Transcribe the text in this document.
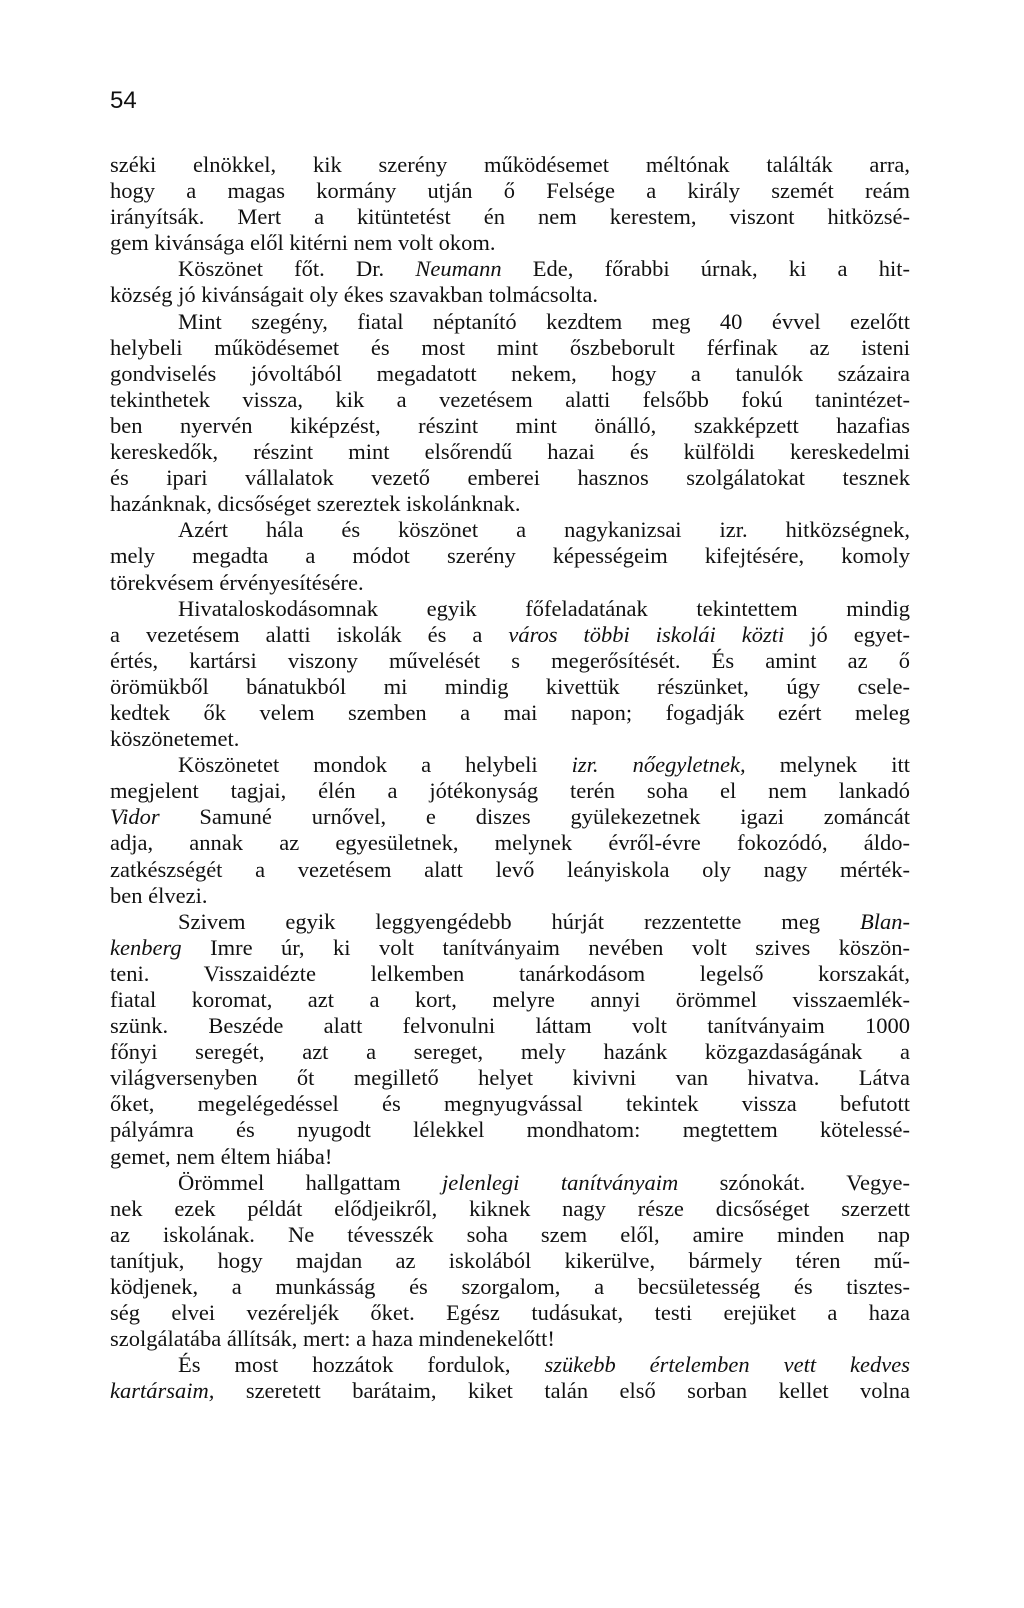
54
széki elnökkel, kik szerény működésemet méltónak találták arra,
hogy a magas kormány utján ő Felsége a király szemét reám
irányítsák. Mert a kitüntetést én nem kerestem, viszont hitközsé-
gem kivánsága elől kitérni nem volt okom.
Köszönet főt. Dr. Neumann Ede, főrabbi úrnak, ki a hit-
község jó kivánságait oly ékes szavakban tolmácsolta.
Mint szegény, fiatal néptanító kezdtem meg 40 évvel ezelőtt
helybeli működésemet és most mint őszbeborult férfinak az isteni
gondviselés jóvoltából megadatott nekem, hogy a tanulók százaira
tekinthetek vissza, kik a vezetésem alatti felsőbb fokú tanintézet-
ben nyervén kiképzést, részint mint önálló, szakképzett hazafias
kereskedők, részint mint elsőrendű hazai és külföldi kereskedelmi
és ipari vállalatok vezető emberei hasznos szolgálatokat tesznek
hazánknak, dicsőséget szereztek iskolánknak.
Azért hála és köszönet a nagykanizsai izr. hitközségnek,
mely megadta a módot szerény képességeim kifejtésére, komoly
törekvésem érvényesítésére.
Hivataloskodásomnak egyik főfeladatának tekintettem mindig
a vezetésem alatti iskolák és a város többi iskolái közti jó egyet-
értés, kartársi viszony művelését s megerősítését. És amint az ő
örömükből bánatukból mi mindig kivettük részünket, úgy csele-
kedtek ők velem szemben a mai napon; fogadják ezért meleg
köszönetemet.
Köszönetet mondok a helybeli izr. nőegyletnek, melynek itt
megjelent tagjai, élén a jótékonyság terén soha el nem lankadó
Vidor Samuné urnővel, e diszes gyülekezetnek igazi zománcát
adja, annak az egyesületnek, melynek évről-évre fokozódó, áldo-
zatkészségét a vezetésem alatt levő leányiskola oly nagy mérték-
ben élvezi.
Szivem egyik leggyengédebb húrját rezzentette meg Blan-
kenberg Imre úr, ki volt tanítványaim nevében volt szives köszön-
teni. Visszaidézte lelkemben tanárkodásom legelső korszakát,
fiatal koromat, azt a kort, melyre annyi örömmel visszaemlék-
szünk. Beszéde alatt felvonulni láttam volt tanítványaim 1000
főnyi seregét, azt a sereget, mely hazánk közgazdaságának a
világversenyben őt megillető helyet kivivni van hivatva. Látva
őket, megelégedéssel és megnyugvással tekintek vissza befutott
pályámra és nyugodt lélekkel mondhatom: megtettem kötelessé-
gemet, nem éltem hiába!
Örömmel hallgattam jelenlegi tanítványaim szónokát. Vegye-
nek ezek példát elődjeikről, kiknek nagy része dicsőséget szerzett
az iskolának. Ne tévesszék soha szem elől, amire minden nap
tanítjuk, hogy majdan az iskolából kikerülve, bármely téren mű-
ködjenek, a munkásság és szorgalom, a becsületesség és tisztes-
ség elvei vezéreljék őket. Egész tudásukat, testi erejüket a haza
szolgálatába állítsák, mert: a haza mindenekelőtt!
És most hozzátok fordulok, szükebb értelemben vett kedves
kartársaim, szeretett barátaim, kiket talán első sorban kellet volna
